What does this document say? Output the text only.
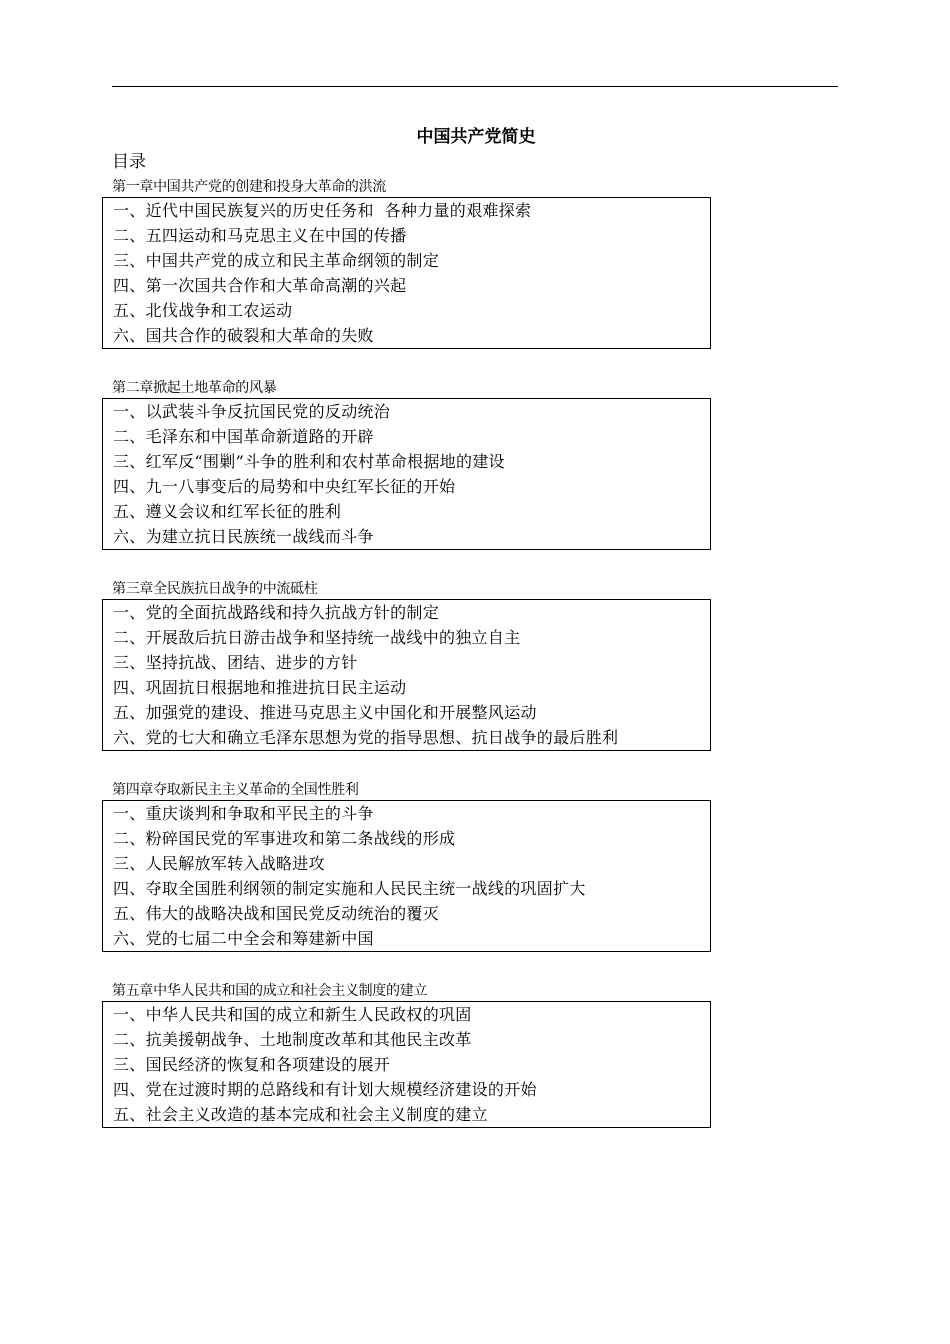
中国共产党简史
目录
第一章中国共产党的创建和投身大革命的洪流
一、近代中国民族复兴的历史任务和  各种力量的艰难探索
二、五四运动和马克思主义在中国的传播
三、中国共产党的成立和民主革命纲领的制定
四、第一次国共合作和大革命高潮的兴起
五、北伐战争和工农运动
六、国共合作的破裂和大革命的失败
第二章掀起土地革命的风暴
一、以武装斗争反抗国民党的反动统治
二、毛泽东和中国革命新道路的开辟
三、红军反“围剿”斗争的胜利和农村革命根据地的建设
四、九一八事变后的局势和中央红军长征的开始
五、遵义会议和红军长征的胜利
六、为建立抗日民族统一战线而斗争
第三章全民族抗日战争的中流砥柱
一、党的全面抗战路线和持久抗战方针的制定
二、开展敌后抗日游击战争和坚持统一战线中的独立自主
三、坚持抗战、团结、进步的方针
四、巩固抗日根据地和推进抗日民主运动
五、加强党的建设、推进马克思主义中国化和开展整风运动
六、党的七大和确立毛泽东思想为党的指导思想、抗日战争的最后胜利
第四章夺取新民主主义革命的全国性胜利
一、重庆谈判和争取和平民主的斗争
二、粉碎国民党的军事进攻和第二条战线的形成
三、人民解放军转入战略进攻
四、夺取全国胜利纲领的制定实施和人民民主统一战线的巩固扩大
五、伟大的战略决战和国民党反动统治的覆灭
六、党的七届二中全会和筹建新中国
第五章中华人民共和国的成立和社会主义制度的建立
一、中华人民共和国的成立和新生人民政权的巩固
二、抗美援朝战争、土地制度改革和其他民主改革
三、国民经济的恢复和各项建设的展开
四、党在过渡时期的总路线和有计划大规模经济建设的开始
五、社会主义改造的基本完成和社会主义制度的建立
